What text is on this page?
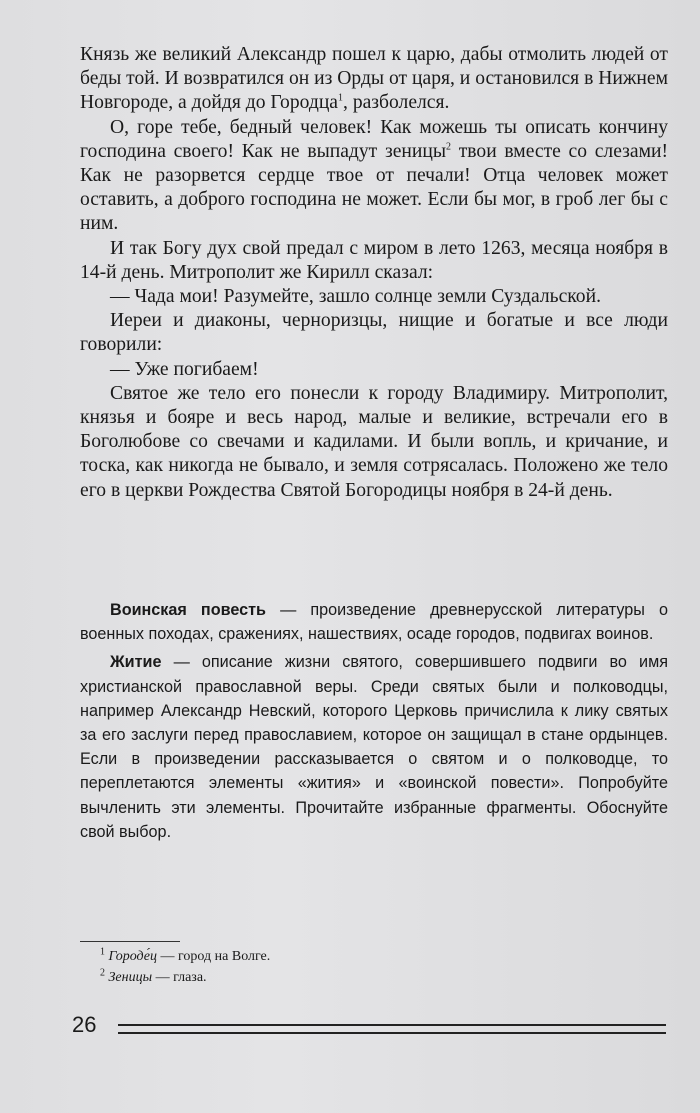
Князь же великий Александр пошел к царю, дабы отмолить людей от беды той. И возвратился он из Орды от царя, и остановился в Нижнем Новгороде, а дойдя до Городца$^1$, разболелся.

О, горе тебе, бедный человек! Как можешь ты описать кончину господина своего! Как не выпадут зеницы$^2$ твои вместе со слезами! Как не разорвется сердце твое от печали! Отца человек может оставить, а доброго господина не может. Если бы мог, в гроб лег бы с ним.

И так Богу дух свой предал с миром в лето 1263, месяца ноября в 14-й день. Митрополит же Кирилл сказал:

— Чада мои! Разумейте, зашло солнце земли Суздальской.

Иереи и диаконы, черноризцы, нищие и богатые и все люди говорили:

— Уже погибаем!

Святое же тело его понесли к городу Владимиру. Митрополит, князья и бояре и весь народ, малые и великие, встречали его в Боголюбове со свечами и кадилами. И были вопль, и кричание, и тоска, как никогда не бывало, и земля сотрясалась. Положено же тело его в церкви Рождества Святой Богородицы ноября в 24-й день.

Воинская повесть — произведение древнерусской литературы о военных походах, сражениях, нашествиях, осаде городов, подвигах воинов.

Житие — описание жизни святого, совершившего подвиги во имя христианской православной веры. Среди святых были и полководцы, например Александр Невский, которого Церковь причислила к лику святых за его заслуги перед православием, которое он защищал в стане ордынцев. Если в произведении рассказывается о святом и о полководце, то переплетаются элементы «жития» и «воинской повести». Попробуйте вычленить эти элементы. Прочитайте избранные фрагменты. Обоснуйте свой выбор.

$^1$ Городе́ц — город на Волге.
$^2$ Зеницы — глаза.
26
